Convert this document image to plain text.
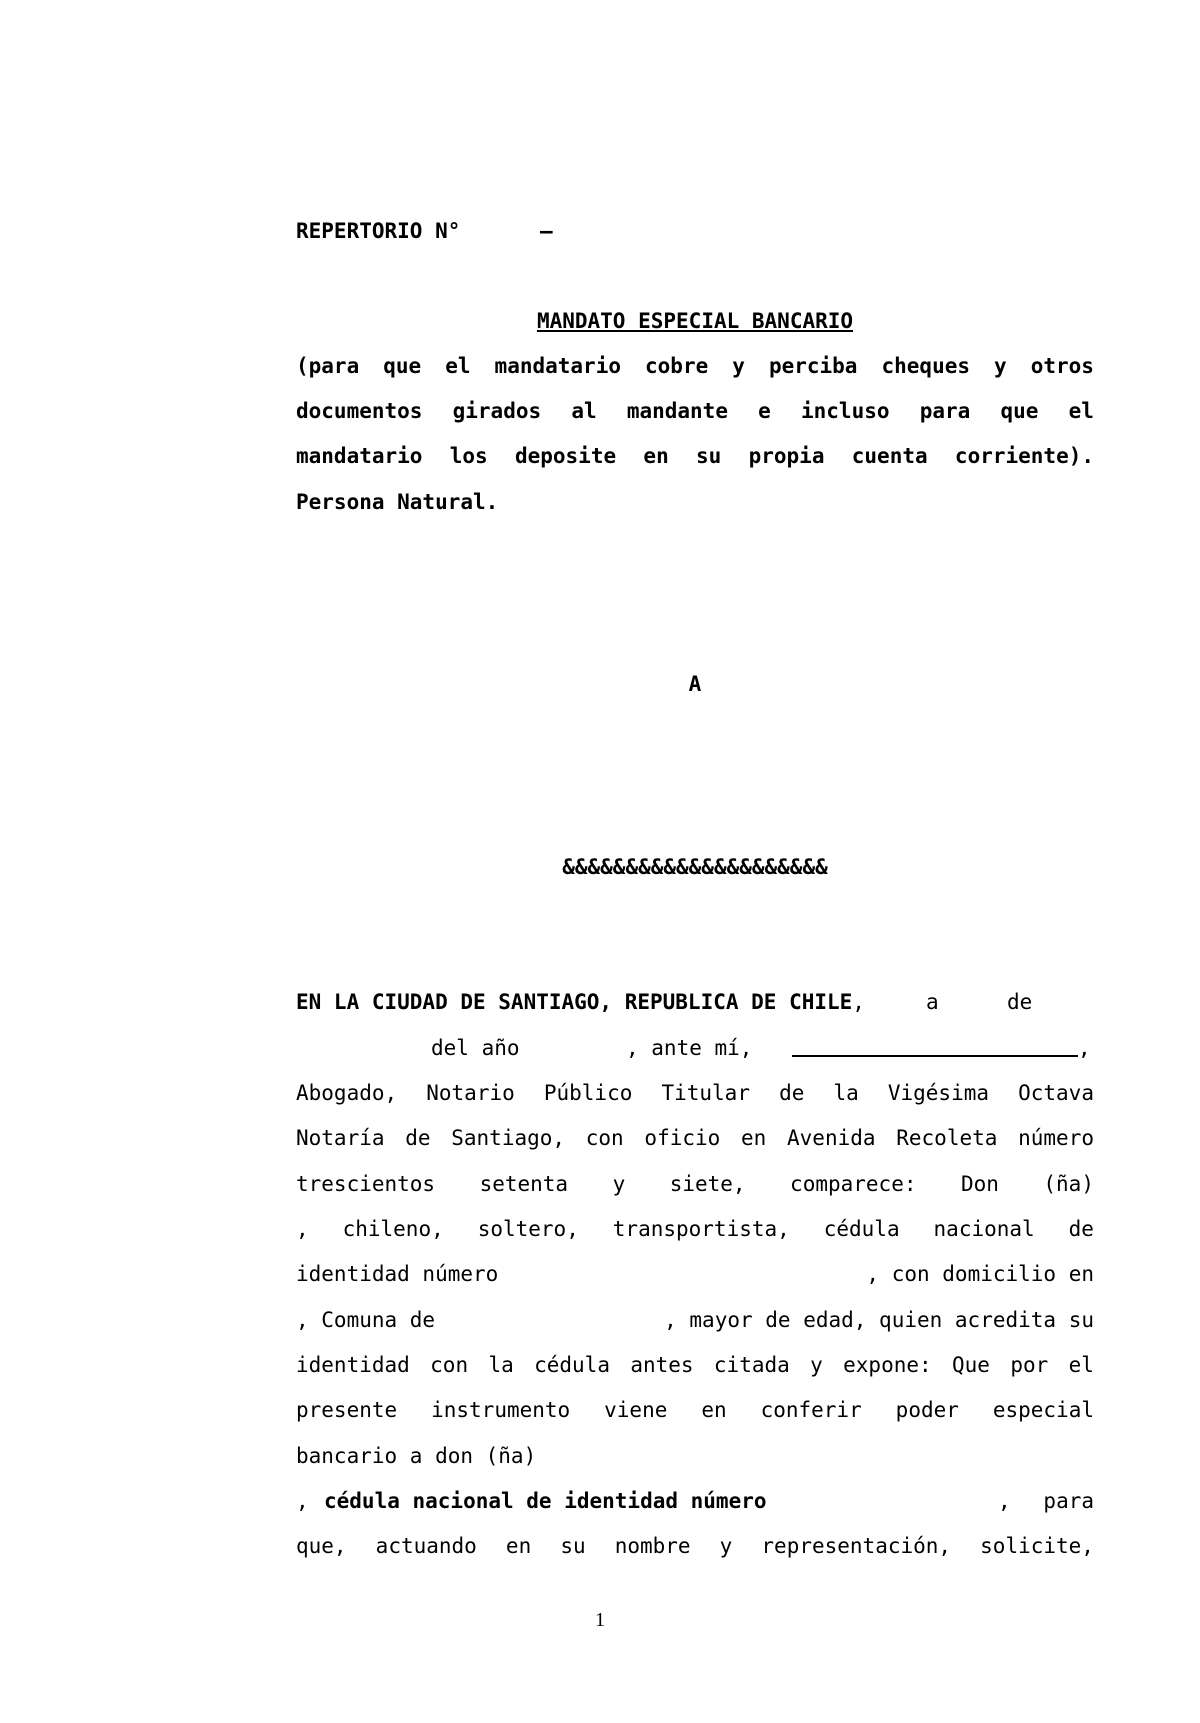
REPERTORIO N°	–
MANDATO ESPECIAL BANCARIO
(para que el mandatario cobre y perciba cheques y otros
documentos girados al mandante e incluso para que el
mandatario los deposite en su propia cuenta corriente).
Persona Natural.
A
&&&&&&&&&&&&&&&&&&&&&
EN LA CIUDAD DE SANTIAGO, REPUBLICA DE CHILE,	a	de
del año	, ante mí,	,
Abogado, Notario Público Titular de la Vigésima Octava
Notaría de Santiago, con oficio en Avenida Recoleta número
trescientos setenta y siete, comparece: Don (ña)
, chileno, soltero, transportista, cédula nacional de
identidad número	, con domicilio en
, Comuna de	, mayor de edad, quien acredita su
identidad con la cédula antes citada y expone: Que por el
presente instrumento viene en conferir poder especial
bancario a don (ña)
, cédula nacional de identidad número	, para
que, actuando en su nombre y representación, solicite,
1
